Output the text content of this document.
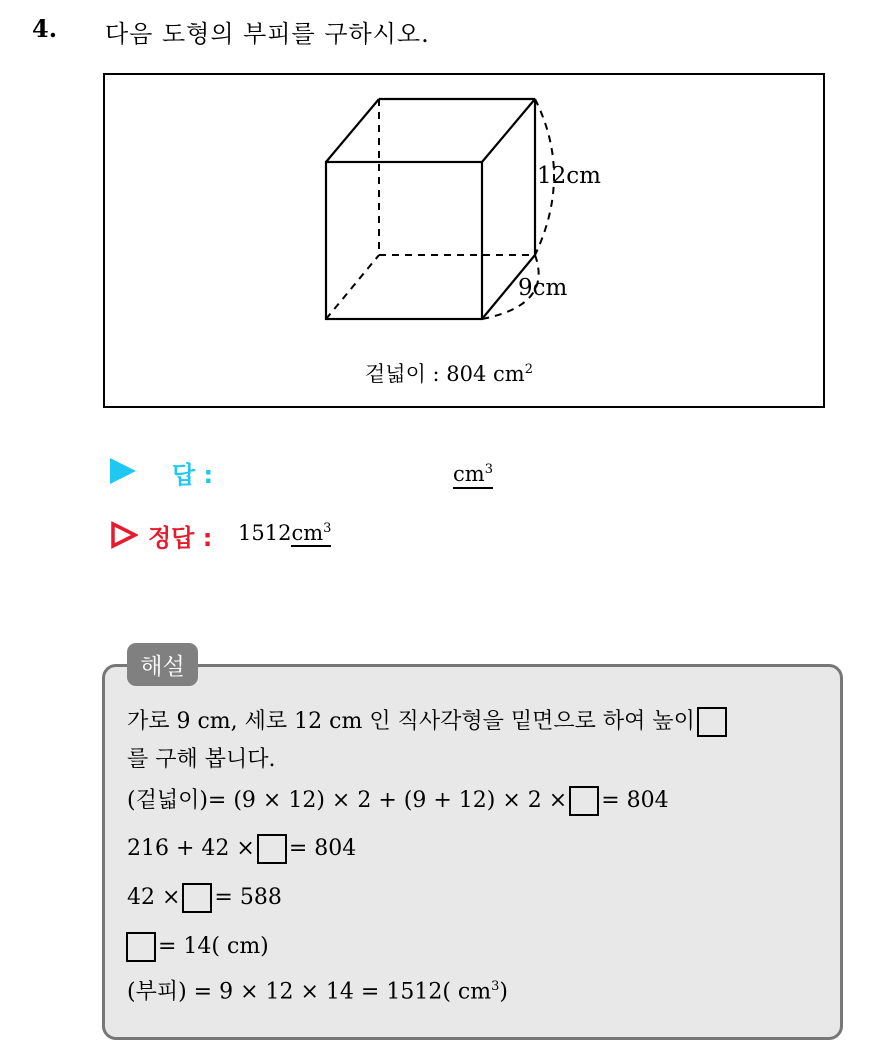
4. 다음 도형의 부피를 구하시오.
12cm
9cm
겉넓이 : 804 $cm^2$
답 :	$cm^3$
정답 : $1512cm^3$
해설
가로 9 cm, 세로 12 cm 인 직사각형을 밑면으로 하여 높이
를 구해 봅니다.
(겉넓이)= (9 × 12) × 2 + (9 + 12) × 2 × = 804
216 + 42 × = 804
42 × = 588
= 14( cm)
(부피) = 9 × 12 × 14 = 1512( $cm^3$)
